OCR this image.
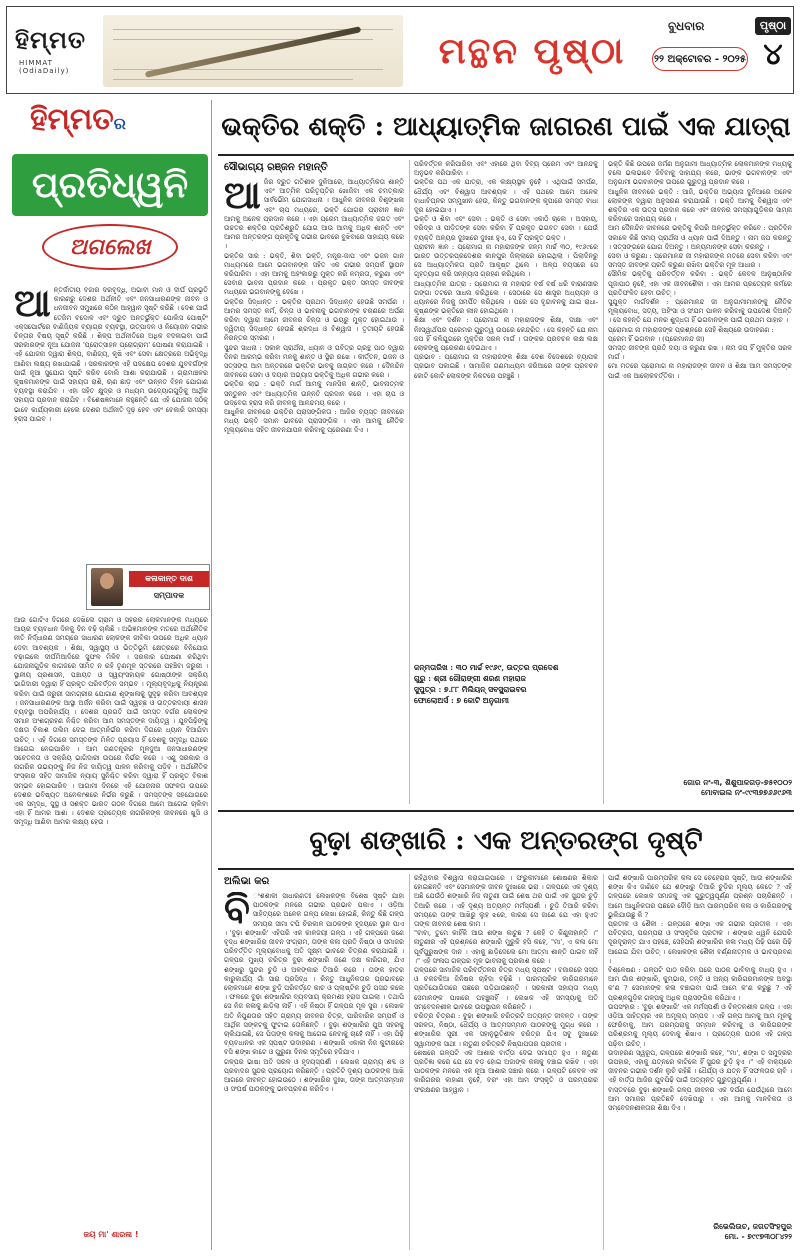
ହିମ୍ମତ
HIMMAT (OdiaDaily)	ମନ୍ଥନ ପୃଷ୍ଠା
ବୁଧବାର
୨୨ ଅକ୍ଟୋବର - ୨୦୨୫
ପୃଷ୍ଠା
୪
ହିମ୍ମତର
ପ୍ରତିଧ୍ୱନି
ଅଗଲେଖ
ଆ ନ୍ତର୍ଜାତୀୟ ବଜାର ଦରବୃଦ୍ଧି, ଅଭାବୀ ମାନ ଓ ଦୀର୍ଘ ପ୍ରଭୃତି କାରଣରୁ ଦେଶର ଅର୍ଥନୀତି ଏବଂ ଜନସାଧାରଣଙ୍କ ଜୀବନ ଓ ଧନଜୀବନ ସମୁଖରେ କଠିନ ଆହ୍ୱାନ ସୃଷ୍ଟି କରିଛି । ଦେଶ ପାଇଁ ତେଜିମ ବଦୋଳ ଏବଂ ଦ୍ରୁତ ଅନ୍ତର୍ଭୁକ୍ତ ପୋଲିସ ପୋଷ୍ଟିଂ ଏକ୍ସପୋର୍ଟରେ ବାଣିଜ୍ୟିକ ବ୍ୟାଗ୍ର ବ୍ୟବସ୍ଥା, ଉତ୍ପାଦନ ଓ ନିୟୋଜନ ଗଭୀର ଚିନ୍ତାର ବିଷୟ ସୃଷ୍ଟି କରିଛି । ଶିଳ୍ପ ଅର୍ଥନୀତିରେ ଅଧିକ ବଦଳାଇବା ପାଇଁ ସରକାରଙ୍କ ନୂଆ ଯୋଜନା 'ପ୍ରୋତ୍ସାହନ ପ୍ରୋଗ୍ରାମ' ଘୋଷଣା କରାଯାଇଛି । ଏହି ଯୋଜନା ଦ୍ୱାରା ଶିଳ୍ପ, ବାଣିଜ୍ୟ, କୃଷି ଏବଂ ସେବା କ୍ଷେତ୍ରରେ ଅଭିବୃଦ୍ଧି ଆଣିବା ଲକ୍ଷ୍ୟ ରଖାଯାଇଛି । ସରକାରଙ୍କ ଏହି ପଦକ୍ଷେପ ଦେଶର ଯୁବବର୍ଗଙ୍କ ପାଇଁ ନୂଆ ସୁଯୋଗ ସୃଷ୍ଟି କରିବ ବୋଲି ଆଶା କରାଯାଉଛି । ଗ୍ରାମାଞ୍ଚଳର କୃଷକମାନଙ୍କ ପାଇଁ ସହାୟତା ରାଶି, ଋଣ ଛାଡ଼ ଏବଂ ଉନ୍ନତ ବିହନ ଯୋଗାଣ ବ୍ୟବସ୍ଥା କରାଯିବ । ଏହା ସହିତ କ୍ଷୁଦ୍ର ଓ ମଧ୍ୟମ ଉଦ୍ୟୋଗଗୁଡ଼ିକୁ ଆର୍ଥିକ ସହାୟତା ପ୍ରଦାନ କରାଯିବ । ବିଶେଷଜ୍ଞମାନେ କହୁଛନ୍ତି ଯେ ଏହି ଯୋଜନା ସଠିକ୍ ଭାବେ କାର୍ଯ୍ୟକାରୀ ହେଲେ ଦେଶର ଅର୍ଥନୀତି ଦୃଢ଼ ହେବ ଏବଂ ବେକାରି ସମସ୍ୟା ହ୍ରାସ ପାଇବ ।
କଳାକାନ୍ତ ଦାଶ
ସମ୍ପାଦକ
ଆଉ ଗୋଟିଏ ଦିଗରେ ଦେଖିଲେ ଗ୍ରାମ ଓ ସହରର ଲୋକମାନଙ୍କ ମଧ୍ୟରେ ଆୟର ବ୍ୟବଧାନ ଦିନକୁ ଦିନ ବଢ଼ି ଚାଲିଛି । ଅଭିଜ୍ଞମାନଙ୍କ ମତରେ ଅର୍ଥନୈତିକ ନୀତି ନିର୍ଦ୍ଧାରଣ ସମୟରେ ସାଧାରଣ ଲୋକଙ୍କ ଜୀବିକା ଉପରେ ଅଧିକ ଧ୍ୟାନ ଦେବା ଆବଶ୍ୟକ । ଶିକ୍ଷା, ସ୍ୱାସ୍ଥ୍ୟ ଓ ଭିତ୍ତିଭୂମି କ୍ଷେତ୍ରରେ ବିନିଯୋଗ ବଢ଼ାଇଲେ ଦୀର୍ଘମିଆଦିରେ ସୁଫଳ ମିଳିବ । ସରକାର ଘୋଷଣା କରିଥିବା ଯୋଜନାଗୁଡ଼ିକ କାଗଜରେ ସୀମିତ ନ ରହି ତୃଣମୂଳ ସ୍ତରରେ ପହଞ୍ଚିବା ଜରୁରୀ । ସ୍ଥାନୀୟ ପ୍ରଶାସନ, ପଞ୍ଚାୟତ ଓ ସ୍ୱୟଂସହାୟକ ଗୋଷ୍ଠୀଙ୍କ ସକ୍ରିୟ ଭାଗିଦାରୀ ଦ୍ୱାରା ହିଁ ପ୍ରକୃତ ପରିବର୍ତ୍ତନ ସମ୍ଭବ । ମୂଲ୍ୟବୃଦ୍ଧିକୁ ନିୟନ୍ତ୍ରଣ କରିବା ପାଇଁ ଜରୁରୀ ସାମଗ୍ରୀର ଯୋଗାଣ ଶୃଙ୍ଖଳାକୁ ସୁଦୃଢ଼ କରିବା ଆବଶ୍ୟକ । ଜନସାଧାରଣଙ୍କ ଆସ୍ଥା ଅର୍ଜନ କରିବା ପାଇଁ ସ୍ୱଚ୍ଛ ଓ ଉତ୍ତରଦାୟୀ ଶାସନ ବ୍ୟବସ୍ଥା ଅପରିହାର୍ଯ୍ୟ । ଦେଶର ପ୍ରଗତି ପାଇଁ ସମସ୍ତ ବର୍ଗର ଲୋକଙ୍କ ସମାନ ଅଂଶଗ୍ରହଣ ନିଶ୍ଚିତ କରିବା ଆମ ସମସ୍ତଙ୍କ ଦାୟିତ୍ୱ । ଯୁବପିଢ଼ିଙ୍କୁ ଦକ୍ଷତା ବିକାଶ ତାଲିମ ଦେଇ ଆତ୍ମନିର୍ଭର କରିବା ଦିଗରେ ଧ୍ୟାନ ଦିଆଯିବା ଉଚିତ୍ । ଏହି ଦିଗରେ ସମସ୍ତଙ୍କ ମିଳିତ ପ୍ରୟାସ ହିଁ ଦେଶକୁ ସମୃଦ୍ଧି ପଥରେ ଆଗେଇ ନେଇପାରିବ । ଆମ ଗଣତନ୍ତ୍ରର ମୂଳଦୁଆ ଜନସାଧାରଣଙ୍କ ସଚେତନତା ଓ ସକ୍ରିୟ ଭାଗିଦାରୀ ଉପରେ ନିର୍ଭର କରେ । ଏଣୁ ସରକାର ଓ ନାଗରିକ ଉଭୟଙ୍କୁ ନିଜ ନିଜ ଦାୟିତ୍ୱ ପାଳନ କରିବାକୁ ପଡ଼ିବ । ଅର୍ଥନୈତିକ ସଂସ୍କାର ସହିତ ସାମାଜିକ ନ୍ୟାୟ ସୁନିଶ୍ଚିତ କରିବା ଦ୍ୱାରା ହିଁ ପ୍ରକୃତ ବିକାଶ ସମ୍ଭବ ହୋଇପାରିବ । ଆଗାମୀ ଦିନରେ ଏହି ଯୋଜନାର ସଫଳତା ଉପରେ ଦେଶର ଭବିଷ୍ୟତ ଅନେକାଂଶରେ ନିର୍ଭର କରୁଛି । ସମସ୍ତଙ୍କ ସହଯୋଗରେ ଏକ ସମୃଦ୍ଧ, ସୁସ୍ଥ ଓ ସଶକ୍ତ ଭାରତ ଗଠନ ଦିଗରେ ଆମେ ଆଗେଇ ଚାଲିବା ଏହା ହିଁ ଆମର ଆଶା । ଦେଶର ପ୍ରତ୍ୟେକ ନାଗରିକଙ୍କ ଜୀବନରେ ଖୁସି ଓ ସମୃଦ୍ଧି ଆଣିବା ଆମର ଲକ୍ଷ୍ୟ ହେଉ ।
ଜୟ ମା' ଶାରଳା !
ଭକ୍ତିର ଶକ୍ତି : ଆଧ୍ୟାତ୍ମିକ ଜାଗରଣ ପାଇଁ ଏକ ଯାତ୍ରା
ସୌଭାଗ୍ୟ ରଞ୍ଜନ ମହାନ୍ତି
ଆ ଜିର ଦ୍ରୁତ ଗତିଶୀଳ ଦୁନିଆରେ, ଆଧ୍ୟାତ୍ମିକତା ଶାନ୍ତି ଏବଂ ଆତ୍ମିକ ପରିତୃପ୍ତିର ଖୋଜିବା ଏକ ଚମତ୍କାର ସାର୍ବଭୌମ ଯୋଗସାଧନା । ଆଧୁନିକ ଜୀବନର ବିଶୃଙ୍ଖଳା ଏବଂ ଚାପ ମଧ୍ୟରେ, ଭକ୍ତି ଯୋଗର ପ୍ରାଚୀନ ଜ୍ଞାନ ଆମକୁ ଅନେକ ପ୍ରଦାନ କରେ । ଏହା ପ୍ରେମ ଆଧ୍ୟାତ୍ମିକ ଜଗତ ଏବଂ ଉଚ୍ଚତର ଶକ୍ତିର ପ୍ରତିଶ୍ରୁତି ଯୋଗ ଆଉ ଆମକୁ ଅଧିକ ଶାନ୍ତି ଏବଂ ଆମର ଅନ୍ତରଙ୍ଗ ପ୍ରକୃତିକୁ ଗଭୀର ଭାବରେ ବୁଝିବାରେ ସାହାଯ୍ୟ କରେ ।
ଭକ୍ତିର ସାର : ଭକ୍ତି, ଶିବା ଭକ୍ତି, ମନ୍ତ୍ର-ଜାପ ଏବଂ ଭଜନ ଗାନ ମାଧ୍ୟମରେ ଆମେ ଭଗବାନଙ୍କ ସହିତ ଏକ ଗଭୀର ସମ୍ପର୍କ ସ୍ଥାପନ କରିପାରିବା । ଏହା ଆମକୁ ଅହଂକାରରୁ ମୁକ୍ତ କରି ନମ୍ରତା, କରୁଣା ଏବଂ ସେବାର ଭାବନା ପ୍ରଦାନ କରେ । ପ୍ରକୃତ ଭକ୍ତ ସମସ୍ତ ଜୀବଙ୍କ ମଧ୍ୟରେ ଭଗବାନଙ୍କୁ ଦେଖେ ।
ଭକ୍ତିର ସିଦ୍ଧାନ୍ତ : ଭକ୍ତିର ପ୍ରଥମ ସିଦ୍ଧାନ୍ତ ହେଉଛି ସମର୍ପଣ । ଆମର ସମସ୍ତ କର୍ମ, ଚିନ୍ତା ଓ ଭାବନାକୁ ଭଗବାନଙ୍କ ଚରଣରେ ଅର୍ପଣ କରିବା ଦ୍ୱାରା ଆମେ ଜୀବନର ଚିନ୍ତା ଓ ଭୟରୁ ମୁକ୍ତ ହୋଇଥାଉ । ଦ୍ୱିତୀୟ ସିଦ୍ଧାନ୍ତ ହେଉଛି ଶ୍ରଦ୍ଧା ଓ ବିଶ୍ୱାସ । ତୃତୀୟଟି ହେଉଛି ନିରନ୍ତର ସ୍ମରଣ ।
ସୁନ୍ଦର ସାଧନା : ସକାଳ ପ୍ରାର୍ଥନା, ଧ୍ୟାନ ଓ ପବିତ୍ର ଗ୍ରନ୍ଥ ପାଠ ଦ୍ୱାରା ଦିନର ଆରମ୍ଭ କରିବା ମନକୁ ଶାନ୍ତ ଓ ସ୍ଥିର ରଖେ । କୀର୍ତ୍ତନ, ଭଜନ ଓ ସତ୍ସଙ୍ଗ ଆମ ଅନ୍ତରରେ ଭକ୍ତିର ଭାବକୁ ଜାଗ୍ରତ କରେ । ଦୈନନ୍ଦିନ ଜୀବନରେ ସେବା ଓ ଦୟାର ଅଭ୍ୟାସ ଭକ୍ତିକୁ ଅଧିକ ଗଭୀର କରେ ।
ଭକ୍ତିର ଲାଭ : ଭକ୍ତି ମାର୍ଗ ଆମକୁ ମାନସିକ ଶାନ୍ତି, ଭାବନାତ୍ମକ ସନ୍ତୁଳନ ଏବଂ ଆଧ୍ୟାତ୍ମିକ ଉନ୍ନତି ପ୍ରଦାନ କରେ । ଏହା ଚାପ ଓ ଉଦ୍‌ବେଗ ହ୍ରାସ କରି ଜୀବନକୁ ଆନନ୍ଦମୟ କରେ ।
ଆଧୁନିକ ଜୀବନରେ ଭକ୍ତିର ପ୍ରାସଙ୍ଗିକତା : ଆଜିର ବ୍ୟସ୍ତ ଜୀବନରେ ମଧ୍ୟ ଭକ୍ତି ସମାନ ଭାବରେ ପ୍ରାସଙ୍ଗିକ । ଏହା ଆମକୁ ନୈତିକ ମୂଲ୍ୟବୋଧ ସହିତ ଜୀବନଯାପନ କରିବାକୁ ପ୍ରେରଣା ଦିଏ ।
ପରିବର୍ତ୍ତନ କରିପାରିବା ଏବଂ ଏହାରେ ଥିବା ଦିବ୍ୟ ପ୍ରେମ ଏବଂ ଆନନ୍ଦକୁ ଅନୁଭବ କରିପାରିବା ।
ଭକ୍ତିର ପଥ ଏକ ଯାତ୍ରା, ଏକ ଲକ୍ଷ୍ୟସ୍ଥଳ ନୁହେଁ । ଏଥିପାଇଁ ସମର୍ପଣ, ଧୈର୍ଯ୍ୟ ଏବଂ ବିଶ୍ୱାସ ଆବଶ୍ୟକ । ଏହି ପଥରେ ଆମେ ଅନେକ ବାଧାବିଘ୍ନର ସମ୍ମୁଖୀନ ହେଉ, କିନ୍ତୁ ଭଗବାନଙ୍କ କୃପାରେ ସମସ୍ତ ବାଧା ଦୂର ହୋଇଯାଏ ।
ଭକ୍ତି ଓ ଶିବା ଏବଂ ସେବା : ଭକ୍ତି ଓ ସେବା ଏକାଠି ଚାଲେ । ଅସହାୟ, ଦରିଦ୍ର ଓ ପୀଡ଼ିତଙ୍କ ସେବା କରିବା ହିଁ ପ୍ରକୃତ ଭଗବତ ସେବା । ଯେଉଁ ବ୍ୟକ୍ତି ଅନ୍ୟର ଦୁଃଖରେ ଦୁଃଖୀ ହୁଏ, ସେ ହିଁ ପ୍ରକୃତ ଭକ୍ତ ।
ପ୍ରାଚୀନ ଜ୍ଞାନ : ପ୍ରୋମାଗ ନା ମହାରାଜଙ୍କ ଜନ୍ମ ମାର୍ଚ୍ଚ ୩୦, ୧୯୬୯ରେ ଭାରତ ଉତ୍ତରପ୍ରଦେଶର କାନପୁର ଜିଲ୍ଲାରେ ହୋଇଥିଲା । ପିଲାଦିନରୁ ସେ ଆଧ୍ୟାତ୍ମିକତା ପ୍ରତି ଆକୃଷ୍ଟ ଥିଲେ । ଅଳ୍ପ ବୟସରେ ସେ ଗୃହତ୍ୟାଗ କରି ସନ୍ନ୍ୟାସ ଗ୍ରହଣ କରିଥିଲେ ।
ଆଧ୍ୟାତ୍ମିକ ଯାତ୍ରା : ପ୍ରୋମାଗ ନା ମହାରାଜ ବର୍ଷ ବର୍ଷ ଧରି ବାରାଣସୀର ଗଙ୍ଗା ତଟରେ ସାଧନା କରିଥିଲେ । ସେଠାରେ ସେ ଶାସ୍ତ୍ର ଅଧ୍ୟୟନ ଓ ଧ୍ୟାନରେ ନିଜକୁ ସମର୍ପିତ କରିଥିଲେ । ପରେ ସେ ବୃନ୍ଦାବନକୁ ଯାଇ ରାଧା-କୃଷ୍ଣଙ୍କ ଭକ୍ତିରେ ଲୀନ ହୋଇଥିଲେ ।
ଶିକ୍ଷା ଏବଂ ଦର୍ଶନ : ପ୍ରୋମାଗ ନା ମହାରାଜଙ୍କ ଶିକ୍ଷା, ଦୀକ୍ଷା ଏବଂ ନିଃସ୍ୱାର୍ଥପର ପ୍ରେମର ଗୁରୁତ୍ୱ ଉପରେ କେନ୍ଦ୍ରିତ । ସେ କହନ୍ତି ଯେ ନାମ ଜପ ହିଁ କଳିଯୁଗରେ ମୁକ୍ତିର ସରଳ ମାର୍ଗ । ତାଙ୍କର ପ୍ରବଚନ ଲକ୍ଷ ଲକ୍ଷ ଲୋକଙ୍କୁ ପ୍ରେରଣା ଦେଇଥାଏ ।
ପ୍ରଭାବ : ପ୍ରୋମାଗ ନା ମହାରାଜଙ୍କ ଶିକ୍ଷା ଦେଶ ବିଦେଶରେ ବ୍ୟାପକ ପ୍ରଭାବ ପକାଇଛି । ସାମାଜିକ ଗଣମାଧ୍ୟମ ଜରିଆରେ ତାଙ୍କ ପ୍ରବଚନ କୋଟି କୋଟି ଲୋକଙ୍କ ନିକଟରେ ପହଞ୍ଚୁଛି ।
ଜନ୍ମତାରିଖ : ୩୦ ମାର୍ଚ୍ଚ ୧୯୬୯, ଉତ୍ତର ପ୍ରଦେଶ
ଗୁରୁ : ଶ୍ରୀ ଗୌରାଙ୍ଗୀ ଶରଣ ମହାରାଜ
ସୁପୁତ୍ର : ୭.୮୮ ମିଲିୟନ୍ ସବସ୍କ୍ରାଇବର
ଫୋଲୋଅର୍ସ : ୭ କୋଟି ଅନୁଗାମୀ
ଭକ୍ତି କିଛି ଉପରେ ଜର୍ମଣ ଅନୁଗାମୀ ଆଧ୍ୟାତ୍ମିକ ଲୋକମାନଙ୍କ ମଧ୍ୟକୁ ବଲେ ଭଲଭାବେ ଜିବିବାକୁ ସାହାଯ୍ୟ କରେ, ଭାଙ୍କ ଭଗବାନଙ୍କ ଏବଂ ଅନୁଗାମୀ ଭଗବାନଙ୍କ ଉପରେ ଗୁରୁତ୍ୱ ପ୍ରଦାନ କରେ ।
ଆଧୁନିକ ଜୀବନରେ ଭକ୍ତି : ଆଜି, ଭକ୍ତିର ଅଭ୍ୟାସ ଦୁନିଆରେ ଅନେକ ଲୋକଙ୍କ ଦ୍ୱାରା ଅନୁସରଣ କରାଯାଉଛି । ଭକ୍ତି ଆମକୁ ବିଶ୍ୱାସ ଏବଂ ଶକ୍ତିର ଏକ ଉତ୍ସ ପ୍ରଦାନ କରେ ଏବଂ ଜୀବନର ସମସ୍ୟାଗୁଡ଼ିକର ସାମ୍ନା କରିବାରେ ସାହାଯ୍ୟ କରେ ।
ଆମ ଦୈନନ୍ଦିନ ଜୀବନରେ ଭକ୍ତିକୁ କିପରି ଅନ୍ତର୍ଭୁକ୍ତ କରିବେ : ପ୍ରତିଦିନ ସକାଳେ କିଛି ସମୟ ପ୍ରାର୍ଥନା ଓ ଧ୍ୟାନ ପାଇଁ ଦିଅନ୍ତୁ । ନାମ ଜପ କରନ୍ତୁ । ସତ୍ସଙ୍ଗରେ ଯୋଗ ଦିଅନ୍ତୁ । ଅନ୍ୟମାନଙ୍କ ସେବା କରନ୍ତୁ ।
ସେବା ଓ କରୁଣା : ପ୍ରେମାନନ୍ଦ ଜୀ ମହାରାଜଙ୍କ ମତରେ ସେବା କରିବା ଏବଂ ସମସ୍ତ ଜୀବଙ୍କ ପ୍ରତି କରୁଣା ରଖିବା ଭକ୍ତିର ମୂଳ ଆଧାର ।
ସୌମିକ ଭକ୍ତିକୁ ପରିବର୍ତ୍ତନ କରିବା : ଭକ୍ତି କେବଳ ଆନୁଷ୍ଠାନିକ ପୂଜାପାଠ ନୁହେଁ, ଏହା ଏକ ଜୀବନଶୈଳୀ । ଏହା ଆମର ପ୍ରତ୍ୟେକ କର୍ମରେ ପ୍ରତିଫଳିତ ହେବା ଉଚିତ୍ ।
ସୁଯୁକ୍ତ ମାର୍ଗଦର୍ଶନ : ପ୍ରେମାନନ୍ଦ ଜୀ ଅନୁଗାମୀମାନଙ୍କୁ ନୈତିକ ମୂଲ୍ୟବୋଧ, ସତ୍ୟ, ଅହିଂସା ଓ ସଂଯମ ପାଳନ କରିବାକୁ ଉପଦେଶ ଦିଅନ୍ତି । ସେ କହନ୍ତି ଯେ ମନର ଶୁଦ୍ଧତା ହିଁ ଭଗବାନଙ୍କ ପାଇଁ ପ୍ରଥମ ପାହାଚ ।
ପ୍ରୋମାଗ ନା ମହାରାଜଙ୍କ ପ୍ରଶ୍ନରେ ସେହି ଶିଷ୍ୟରେ ଉଦାହରଣ :
ପ୍ରେମ ହିଁ ଭଗବାନ । (ପ୍ରେମାନନ୍ଦ ଜୀ)
ସମସ୍ତ ଜୀବଙ୍କ ପ୍ରତି ଦୟା ଓ କରୁଣା ରଖ । ନାମ ଜପ ହିଁ ମୁକ୍ତିର ସରଳ ମାର୍ଗ ।
ମୋ ମତରେ ପ୍ରୋମାଗ ନା ମହାରାଜଙ୍କ ଜୀବନ ଓ ଶିକ୍ଷା ଆମ ସମସ୍ତଙ୍କ ପାଇଁ ଏକ ଆଲୋକବର୍ତ୍ତିକା ।
ଗୋର ନଂ-୩, ଶିଶୁପାଳଗଡ଼-୭୫୧୦୦୨
ମୋବାଇଲ ନଂ-୯୯୩୭୭୬୬୯୬୩
ବୁଢ଼ା ଶଙ୍ଖାରି : ଏକ ଅନ୍ତରଙ୍ଗ ଦୃଷ୍ଟି
ଅଲିଭା କର
ବି ଂଶଶାଳୀ ସାଧାରଣତଃ ଲେଖକଙ୍କ ବିଶେଷ ସୃଷ୍ଟି ଯାହା ପାଠକଙ୍କ ମନରେ ଗଭୀର ପ୍ରଭାବ ପକାଏ । ଓଡ଼ିଆ ସାହିତ୍ୟରେ ଅନେକ ଗଳ୍ପ ଲେଖା ହୋଇଛି, କିନ୍ତୁ କିଛି ଗଳ୍ପ ସମୟର ସୀମା ଟପି ଚିରକାଳ ପାଠକଙ୍କ ହୃଦୟରେ ସ୍ଥାନ ପାଏ । 'ବୁଢ଼ା ଶଙ୍ଖାରି' ଏହିପରି ଏକ କାଳଜୟୀ ଗଳ୍ପ । ଏହି ଗଳ୍ପରେ ଜଣେ ବୃଦ୍ଧ ଶଙ୍ଖାରିର ଜୀବନ ସଂଗ୍ରାମ, ତାଙ୍କ କଳା ପ୍ରତି ନିଷ୍ଠା ଓ ସମାଜର ପରିବର୍ତ୍ତିତ ମୂଲ୍ୟବୋଧକୁ ଅତି ସୂକ୍ଷ୍ମ ଭାବରେ ଚିତ୍ରଣ କରାଯାଇଛି । ଗଳ୍ପର ମୁଖ୍ୟ ଚରିତ୍ର ବୁଢ଼ା ଶଙ୍ଖାରି ଜଣେ ଦକ୍ଷ କାରିଗର, ଯିଏ ଶଙ୍ଖରୁ ସୁନ୍ଦର ଚୁଡ଼ି ଓ ଅଳଙ୍କାର ତିଆରି କରେ । ତାଙ୍କ ହାତର କାରୁକାର୍ଯ୍ୟ ଗାଁ ସାରା ପ୍ରସିଦ୍ଧ । କିନ୍ତୁ ଆଧୁନିକତାର ପ୍ରଭାବରେ ଲୋକମାନେ ଶଙ୍ଖ ଚୁଡ଼ି ପରିବର୍ତ୍ତେ କାଚ ଓ ପ୍ଲାଷ୍ଟିକ ଚୁଡ଼ି ପସନ୍ଦ କଲେ । ଫଳରେ ବୁଢ଼ା ଶଙ୍ଖାରିର ବ୍ୟବସାୟ କ୍ରମଶଃ ହ୍ରାସ ପାଇଲା । ତଥାପି ସେ ନିଜ କଳାକୁ ଛାଡ଼ିଲା ନାହିଁ । ଏହି ନିଷ୍ଠା ହିଁ ଗଳ୍ପର ମୂଳ ସୁର । ଲେଖକ ଅତି ନିପୁଣତାର ସହିତ ଗ୍ରାମ୍ୟ ଜୀବନର ଚିତ୍ର, ପାରିବାରିକ ସମ୍ପର୍କ ଓ ଆର୍ଥିକ ସଙ୍କଟକୁ ଫୁଟାଇ ତୋଳିଛନ୍ତି । ବୁଢ଼ା ଶଙ୍ଖାରିର ପୁଅ ସହରକୁ ଚାଲିଯାଇଛି, ସେ ପିତାଙ୍କ କଳାକୁ ଆଗେଇ ନେବାକୁ ଚାହେଁ ନାହିଁ । ଏହା ପିଢ଼ି ବ୍ୟବଧାନର ଏକ ସ୍ପଷ୍ଟ ଉଦାହରଣ । ଶଙ୍ଖାରି ଏକାକୀ ନିଜ କୁଟୀରରେ ବସି ଶଙ୍ଖ କାଟେ ଓ ପୁରୁଣା ଦିନର ସ୍ମୃତିରେ ହଜିଯାଏ ।
ଗଳ୍ପର ଭାଷା ଅତି ସରଳ ଓ ହୃଦୟସ୍ପର୍ଶୀ । ଲେଖକ ଗ୍ରାମ୍ୟ ଶବ୍ଦ ଓ ପ୍ରବାଦର ସୁନ୍ଦର ପ୍ରୟୋଗ କରିଛନ୍ତି । ପ୍ରତିଟି ଦୃଶ୍ୟ ପାଠକଙ୍କ ଆଖି ଆଗରେ ଜୀବନ୍ତ ହୋଇଉଠେ । ଶଙ୍ଖାରିର ଦୁଃଖ, ତାଙ୍କ ଆତ୍ମସମ୍ମାନ ଓ ସଂଘର୍ଷ ପାଠକଙ୍କୁ ଭାବପ୍ରବଣ କରିଦିଏ ।
ରହିଥିବାର ବିଶ୍ୱାସ କରାଯାଇପାରେ । ଫରୁକୀମାନେ ଶୋଷଣର ଶିକାର ହୋଇଛନ୍ତି ଏବଂ ସେମାନଙ୍କ ଜୀବନ ଦୁଃଖରେ ଭରା । ଗଳ୍ପରେ ଏକ ଦୃଶ୍ୟ ଅଛି ଯେଉଁଠି ଶଙ୍ଖାରି ନିଜ ନାତୁଣୀ ପାଇଁ ଶେଷ ଥର ପାଇଁ ଏକ ସୁନ୍ଦର ଚୁଡ଼ି ତିଆରି କରେ । ଏହି ଦୃଶ୍ୟ ଅତ୍ୟନ୍ତ ମର୍ମସ୍ପର୍ଶୀ । ଚୁଡ଼ି ତିଆରି କରିବା ସମୟରେ ତାଙ୍କ ଆଖିରୁ ଲୁହ ଝରେ, କାରଣ ସେ ଜାଣେ ଯେ ଏହା ହୁଏତ ତାଙ୍କ ଜୀବନର ଶେଷ କାମ ।
"ବାବା, ତୁମେ କାହିଁକି ଆଉ ଶଙ୍ଖ କାଟୁଛ ? କେହି ତ କିଣୁନାହାନ୍ତି ।" ନାତୁଣୀର ଏହି ପ୍ରଶ୍ନରେ ଶଙ୍ଖାରି ମୁରୁକି ହସି କହେ, "ମା', ଏ କଳା ମୋ ପୂର୍ବପୁରୁଷଙ୍କ ଦାନ । ଏହାକୁ ଛାଡ଼ିଦେଲେ ମୋ ଆତ୍ମା ଶାନ୍ତି ପାଇବ ନାହିଁ ।" ଏହି ସଂଳାପ ଗଳ୍ପର ମୂଳ ଭାବନାକୁ ପ୍ରକାଶ କରେ ।
ଗଳ୍ପରେ ସାମାଜିକ ପରିବର୍ତ୍ତନର ଚିତ୍ର ମଧ୍ୟ ସ୍ପଷ୍ଟ । ବଜାରରେ ସସ୍ତା ଓ ଚକଚକିଆ ଜିନିଷର ଚାହିଦା ବଢ଼ିଛି । ପାରମ୍ପରିକ କାରିଗରମାନେ ପ୍ରତିଯୋଗିତାରେ ପଛରେ ପଡ଼ିଯାଉଛନ୍ତି । ସରକାରୀ ସହାୟତା ମଧ୍ୟ ସେମାନଙ୍କ ପାଖରେ ପହଞ୍ଚୁନାହିଁ । ଲେଖକ ଏହି ସମସ୍ୟାକୁ ଅତି ସମ୍ବେଦନଶୀଳ ଭାବରେ ଉପସ୍ଥାପନ କରିଛନ୍ତି ।
ଚରିତ୍ର ଚିତ୍ରଣ : ବୁଢ଼ା ଶଙ୍ଖାରି ଚରିତ୍ରଟି ଅତ୍ୟନ୍ତ ଜୀବନ୍ତ । ତାଙ୍କ ସରଳତା, ନିଷ୍ଠା, ଧୈର୍ଯ୍ୟ ଓ ଆତ୍ମସମ୍ମାନ ପାଠକଙ୍କୁ ମୁଗ୍ଧ କରେ । ଶଙ୍ଖାରିର ସ୍ତ୍ରୀ ଏକ ସହାନୁଭୂତିଶୀଳ ଚରିତ୍ର ଯିଏ ସବୁ ଦୁଃଖରେ ସ୍ୱାମୀଙ୍କ ସାଥୀ । ନାତୁଣୀ ଚରିତ୍ରଟି ନିଷ୍ପାପତାର ପ୍ରତୀକ ।
ଶେଷରେ ଗଳ୍ପଟି ଏକ ଆଶାର ବାର୍ତ୍ତା ଦେଇ ସମାପ୍ତ ହୁଏ । ନାତୁଣୀ ପ୍ରତିଜ୍ଞା କରେ ଯେ ସେ ବଡ଼ ହୋଇ ଅଜାଙ୍କ କଳାକୁ ବଞ୍ଚାଇ ରଖିବ । ଏହା ପାଠକଙ୍କ ମନରେ ଏକ ନୂଆ ଆଶାର ସଞ୍ଚାର କରେ । ଗଳ୍ପଟି କେବଳ ଏକ କାରିଗରର କାହାଣୀ ନୁହେଁ, ବରଂ ଏହା ଆମ ସଂସ୍କୃତି ଓ ପରମ୍ପରାର ସଂରକ୍ଷଣର ଆହ୍ୱାନ ।
ପାଇଁ ଶଙ୍ଖାରି ପାରମ୍ପରିକ କଳା ସେ ଚେହେରାର ସୃଷ୍ଟି, ଆଉ ଶଙ୍ଖାରିର ଶଙ୍ଖ କିଏ ଜାଣିବେ ଯେ ଶଙ୍ଖରୁ ତିଆରି ଚୁଡ଼ିର ମୂଲ୍ୟ କେତେ ? ଏହି ଗଳ୍ପରେ ଲେଖକ ସମାଜକୁ ଏକ ଗୁରୁତ୍ୱପୂର୍ଣ୍ଣ ପ୍ରଶ୍ନ ପଚାରିଛନ୍ତି । ଆମେ ଆଧୁନିକତାର ପଛରେ ଦୌଡ଼ି ଆମ ପାରମ୍ପରିକ କଳା ଓ କାରିଗରଙ୍କୁ ଭୁଲିଯାଉଛୁ କି ?
ପ୍ରତୀକ ଓ ଶୈଳୀ : ଗଳ୍ପରେ ଶଙ୍ଖ ଏକ ଗଭୀର ପ୍ରତୀକ । ଏହା ପବିତ୍ରତା, ପରମ୍ପରା ଓ ସଂସ୍କୃତିର ପ୍ରତୀକ । ଶଙ୍ଖର ଧ୍ୱନି ଯେପରି ଦୂରଦୂରାନ୍ତ ଯାଏ ପହଞ୍ଚେ, ସେହିପରି ଶଙ୍ଖାରିର କଳା ମଧ୍ୟ ପିଢ଼ି ପରେ ପିଢ଼ି ଆଗେଇ ଯିବା ଉଚିତ୍ । ଲେଖକଙ୍କ ଶୈଳୀ ବର୍ଣ୍ଣନାତ୍ମକ ଓ ଭାବପ୍ରବଣ ।
ବିଶ୍ଳେଷଣ : ଗଳ୍ପଟି ପାଠ କରିବା ପରେ ପାଠକ ଭାବିବାକୁ ବାଧ୍ୟ ହୁଏ । ଆମ ଗାଁର ଶଙ୍ଖାରି, କୁମ୍ଭାର, ତନ୍ତି ଓ ଅନ୍ୟ କାରିଗରମାନଙ୍କ ଅବସ୍ଥା କ'ଣ ? ସେମାନଙ୍କ କଳା ବଞ୍ଚାଇବା ପାଇଁ ଆମେ କ'ଣ କରୁଛୁ ? ଏହି ପ୍ରଶ୍ନଗୁଡ଼ିକ ଗଳ୍ପକୁ ଅଧିକ ପ୍ରାସଙ୍ଗିକ କରିଥାଏ ।
ଉପସଂହାର : 'ବୁଢ଼ା ଶଙ୍ଖାରି' ଏକ ମର୍ମସ୍ପର୍ଶୀ ଓ ଚିନ୍ତନଶୀଳ ଗଳ୍ପ । ଏହା ଓଡ଼ିଆ ସାହିତ୍ୟର ଏକ ଅମୂଲ୍ୟ ସମ୍ପଦ । ଏହି ଗଳ୍ପ ଆମକୁ ଆମ ମୂଳକୁ ଫେରିବାକୁ, ଆମ ପରମ୍ପରାକୁ ସମ୍ମାନ କରିବାକୁ ଓ କାରିଗରଙ୍କ ପରିଶ୍ରମକୁ ମୂଲ୍ୟ ଦେବାକୁ ଶିଖାଏ । ପ୍ରତ୍ୟେକ ପାଠକ ଏହି ଗଳ୍ପ ପଢ଼ିବା ଉଚିତ୍ ।
ଉଦାହରଣ ସ୍ୱରୂପ, ଗଳ୍ପରେ ଶଙ୍ଖାରି କହେ, "ମା', ଶଙ୍ଖ ତ ସମୁଦ୍ରର ଉପହାର, ଏହାକୁ ଯତ୍ନରେ କାଟିଲେ ହିଁ ସୁନ୍ଦର ଚୁଡ଼ି ହୁଏ ।" ଏହି ବାକ୍ୟରେ ଜୀବନର ଗଭୀର ଦର୍ଶନ ଲୁଚି ରହିଛି । ଧୈର୍ଯ୍ୟ ଓ ଯତ୍ନ ହିଁ ସଫଳତାର ଚାବି । ଏହି ବାର୍ତ୍ତା ଆଜିର ଯୁବପିଢ଼ି ପାଇଁ ଅତ୍ୟନ୍ତ ଗୁରୁତ୍ୱପୂର୍ଣ୍ଣ ।
ବାସ୍ତବରେ ବୁଢ଼ା ଶଙ୍ଖାରି ଗଳ୍ପ ଜୀବନର ଏକ ଦର୍ପଣ ଯେଉଁଥିରେ ଆମେ ଆମ ସମାଜର ପ୍ରତିଛବି ଦେଖିପାରୁ । ଏହା ଆମକୁ ମାନବିକତା ଓ ସମ୍ବେଦନଶୀଳତାର ଶିକ୍ଷା ଦିଏ ।
ରିଭେଲିଉଚ, ଜଗତସିଂହପୁର
ମୋ. - ୭୯୯୭୩୦୮୪୨୨
